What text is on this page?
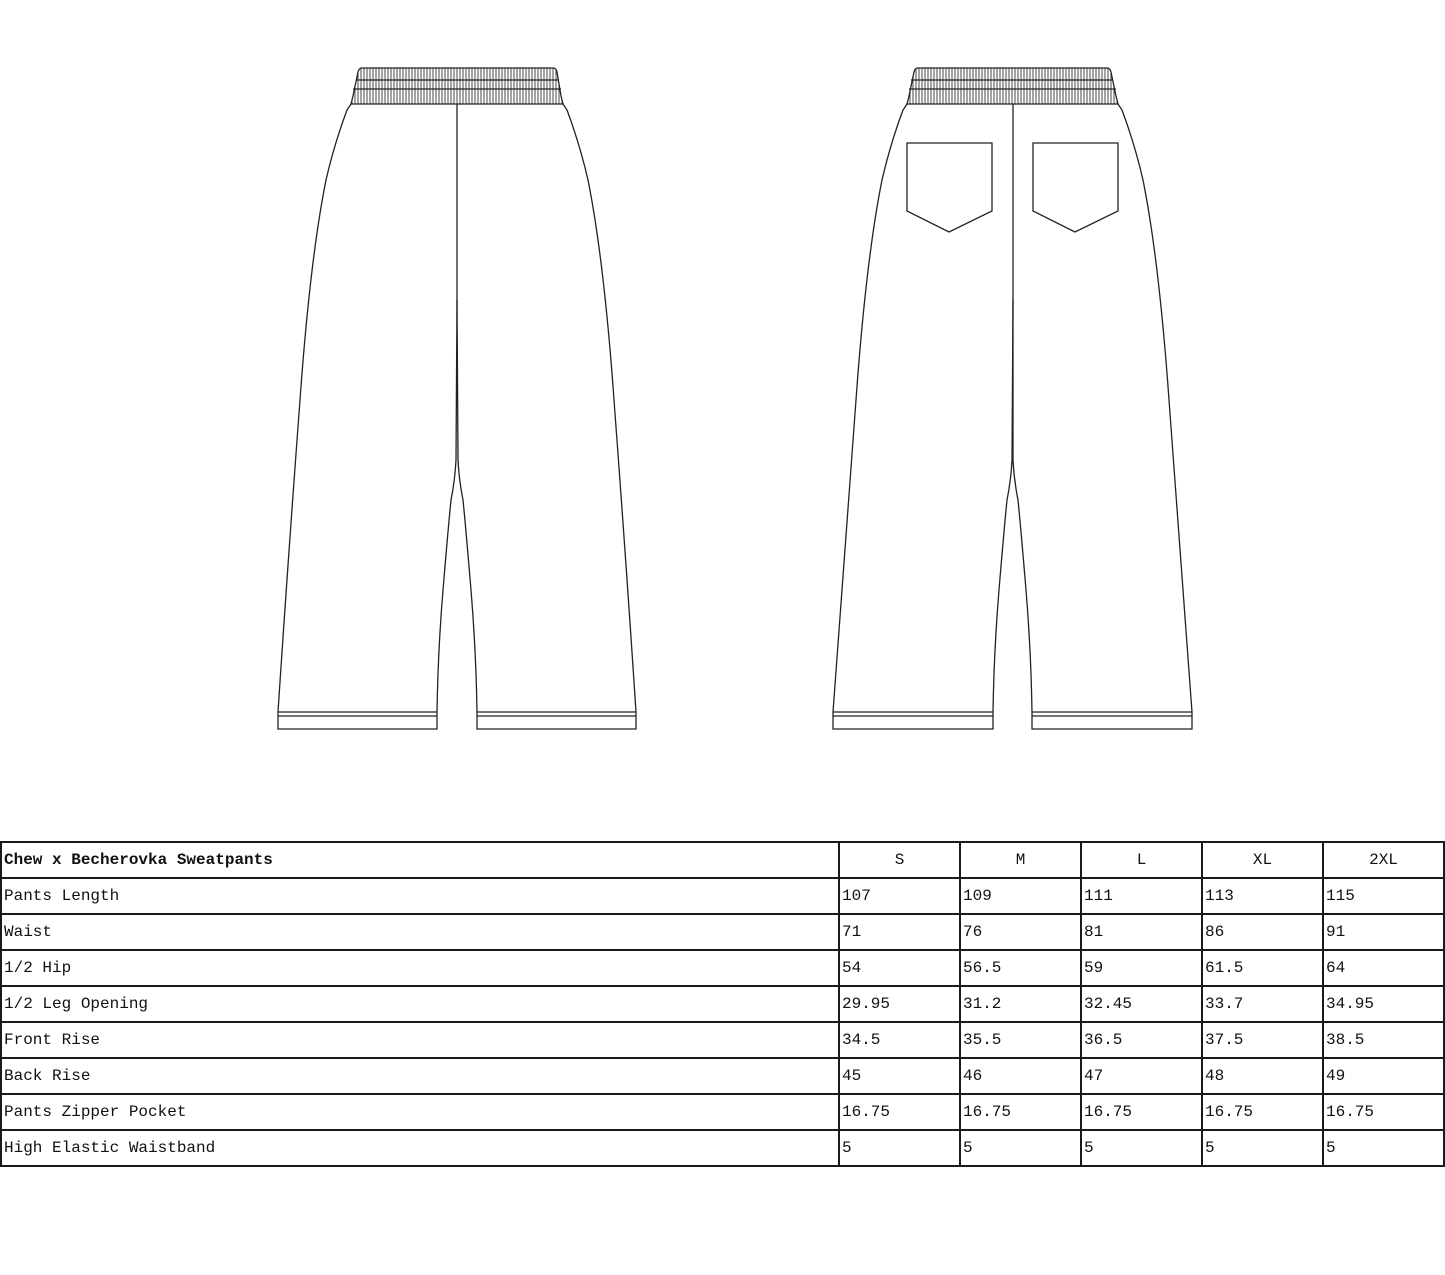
Chew x Becherovka Sweatpants	S	M	L	XL	2XL
Pants Length	107	109	111	113	115
Waist	71	76	81	86	91
1/2 Hip	54	56.5	59	61.5	64
1/2 Leg Opening	29.95	31.2	32.45	33.7	34.95
Front Rise	34.5	35.5	36.5	37.5	38.5
Back Rise	45	46	47	48	49
Pants Zipper Pocket	16.75	16.75	16.75	16.75	16.75
High Elastic Waistband	5	5	5	5	5
